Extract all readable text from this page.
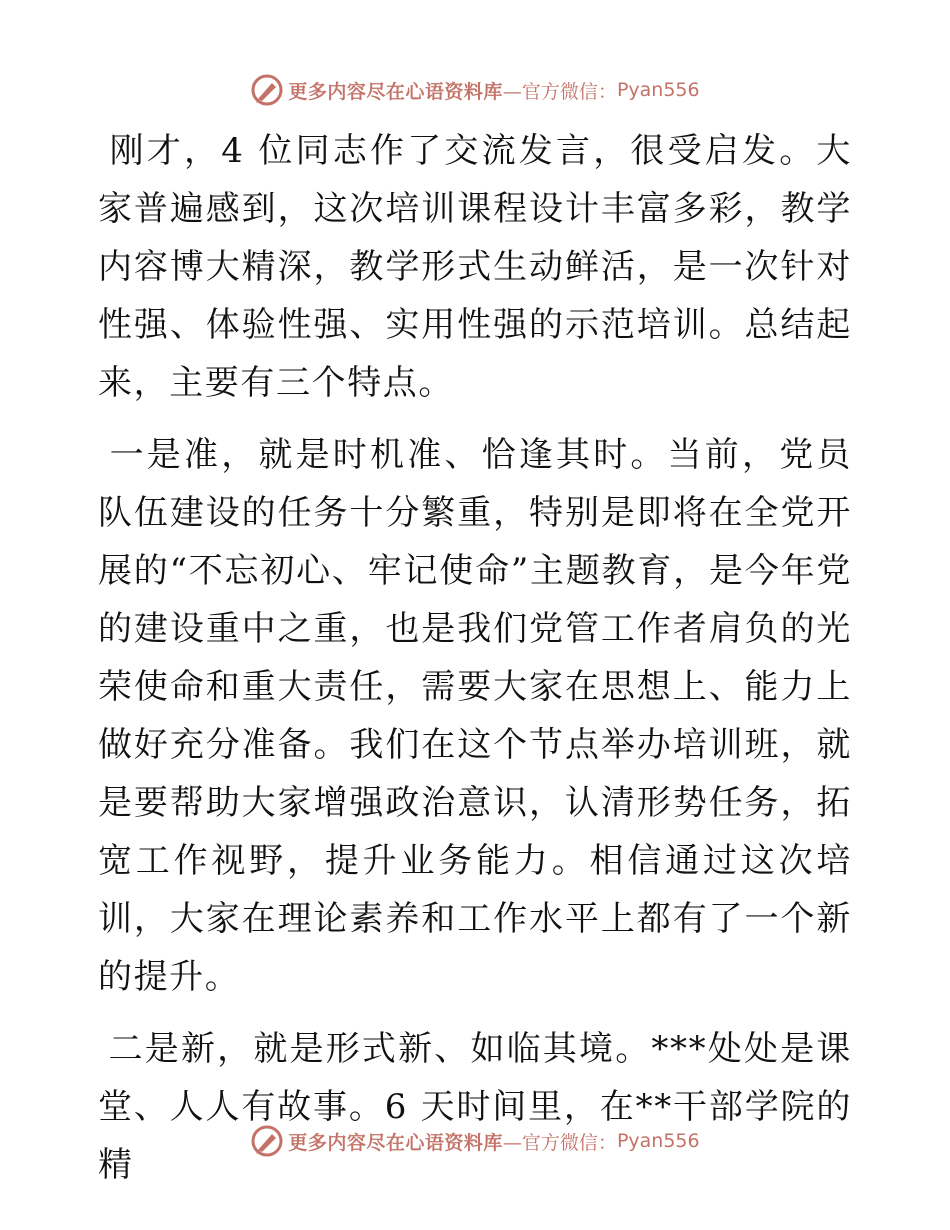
更多内容尽在心语资料库 —官方微信： Pyan556

刚才，4 位同志作了交流发言，很受启发。大家普遍感到，这次培训课程设计丰富多彩，教学内容博大精深，教学形式生动鲜活，是一次针对性强、体验性强、实用性强的示范培训。总结起来，主要有三个特点。

一是准，就是时机准、恰逢其时。当前，党员队伍建设的任务十分繁重，特别是即将在全党开展的“不忘初心、牢记使命”主题教育，是今年党的建设重中之重，也是我们党管工作者肩负的光荣使命和重大责任，需要大家在思想上、能力上做好充分准备。我们在这个节点举办培训班，就是要帮助大家增强政治意识，认清形势任务，拓宽工作视野，提升业务能力。相信通过这次培训，大家在理论素养和工作水平上都有了一个新的提升。

二是新，就是形式新、如临其境。***处处是课堂、人人有故事。6 天时间里，在**干部学院的精

更多内容尽在心语资料库 —官方微信： Pyan556
